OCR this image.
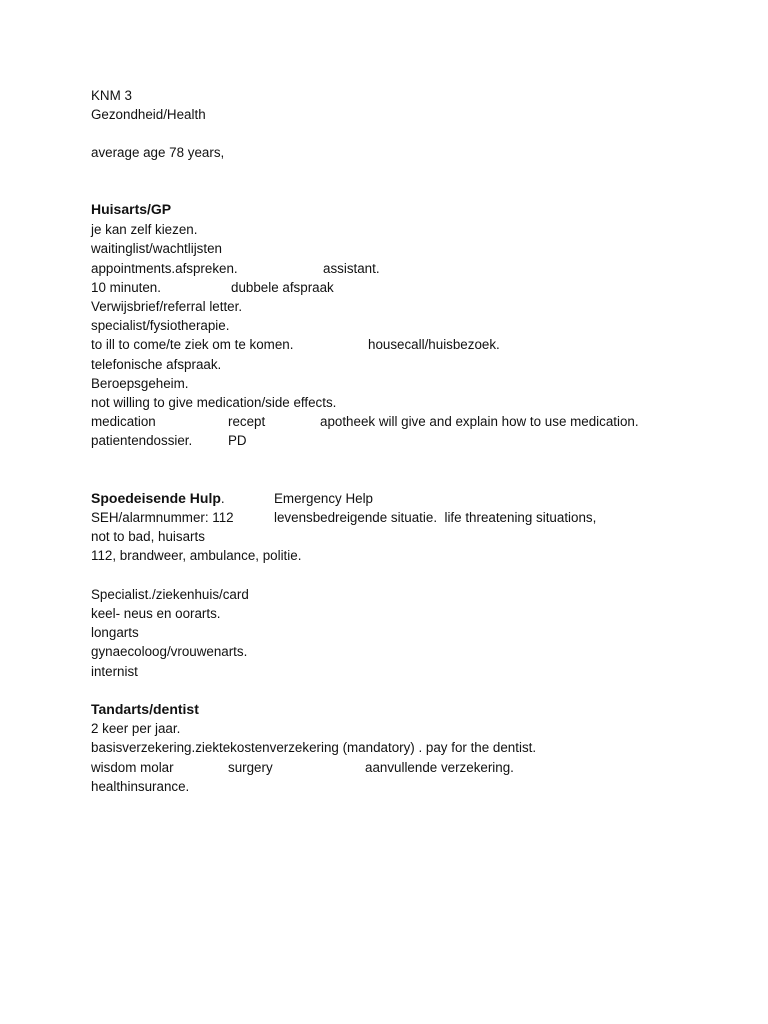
KNM 3
Gezondheid/Health
average age 78 years,
Huisarts/GP
je kan zelf kiezen.
waitinglist/wachtlijsten
appointments.afspreken.	assistant.
10 minuten.	dubbele afspraak
Verwijsbrief/referral letter.
specialist/fysiotherapie.
to ill to come/te ziek om te komen.	housecall/huisbezoek.
telefonische afspraak.
Beroepsgeheim.
not willing to give medication/side effects.
medication	recept	apotheek will give and explain how to use medication.
patientendossier.	PD
Spoedeisende Hulp.	Emergency Help
SEH/alarmnummer: 112	levensbedreigende situatie.  life threatening situations,
not to bad, huisarts
112, brandweer, ambulance, politie.
Specialist./ziekenhuis/card
keel- neus en oorarts.
longarts
gynaecoloog/vrouwenarts.
internist
Tandarts/dentist
2 keer per jaar.
basisverzekering.ziektekostenverzekering (mandatory) . pay for the dentist.
wisdom molar	surgery	aanvullende verzekering.
healthinsurance.
